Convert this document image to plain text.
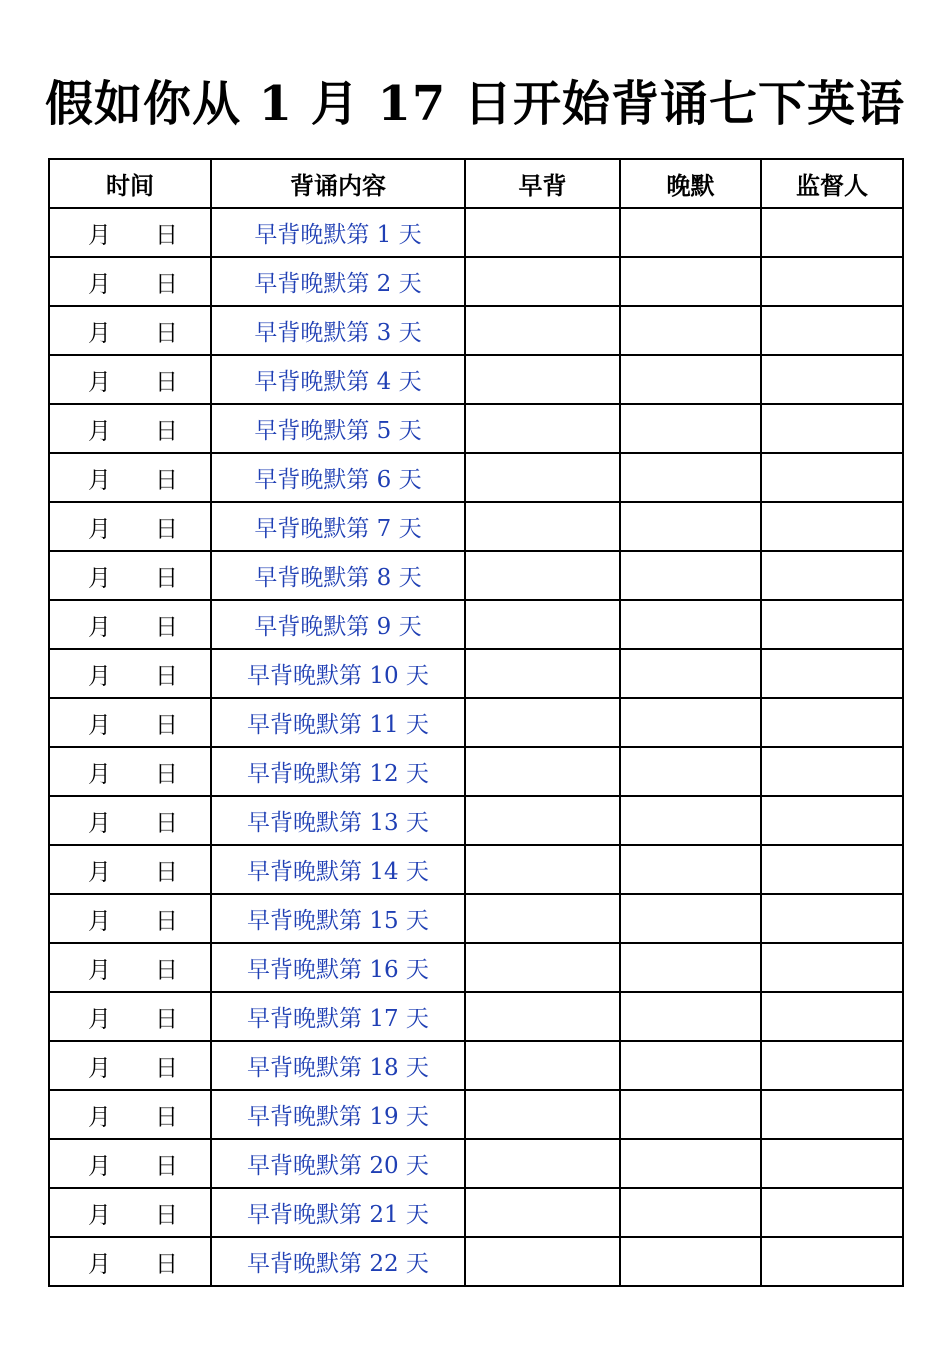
假如你从 1 月 17 日开始背诵七下英语
时间	背诵内容	早背	晚默	监督人

月 日	早背晚默第 1 天			

月 日	早背晚默第 2 天			

月 日	早背晚默第 3 天			

月 日	早背晚默第 4 天			

月 日	早背晚默第 5 天			

月 日	早背晚默第 6 天			

月 日	早背晚默第 7 天			

月 日	早背晚默第 8 天			

月 日	早背晚默第 9 天			

月 日	早背晚默第 10 天			

月 日	早背晚默第 11 天			

月 日	早背晚默第 12 天			

月 日	早背晚默第 13 天			

月 日	早背晚默第 14 天			

月 日	早背晚默第 15 天			

月 日	早背晚默第 16 天			

月 日	早背晚默第 17 天			

月 日	早背晚默第 18 天			

月 日	早背晚默第 19 天			

月 日	早背晚默第 20 天			

月 日	早背晚默第 21 天			

月 日	早背晚默第 22 天			
